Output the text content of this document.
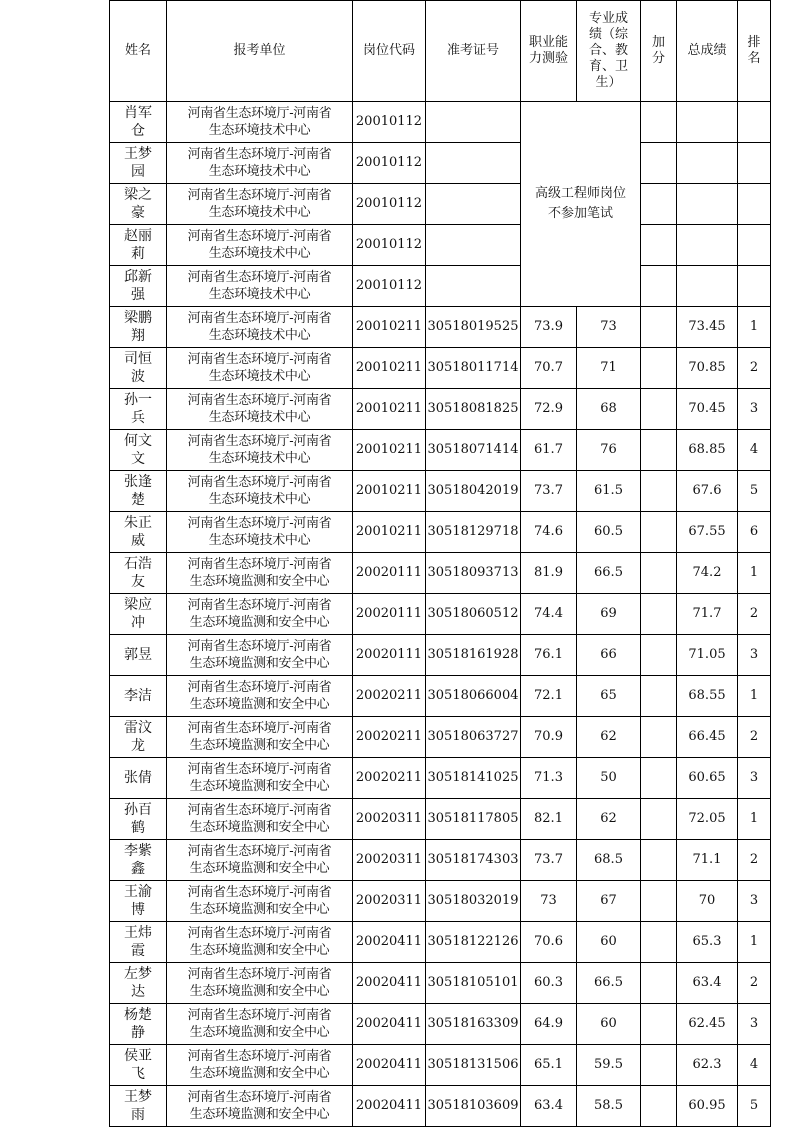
姓名	报考单位	岗位代码	准考证号	职业能
力测验	专业成
绩（综
合、教
育、卫
生）	加
分	总成绩	排
名
肖军
仓	河南省生态环境厅-河南省
生态环境技术中心	20010112		高级工程师岗位
不参加笔试				
王梦
园	河南省生态环境厅-河南省
生态环境技术中心	20010112						
梁之
豪	河南省生态环境厅-河南省
生态环境技术中心	20010112						
赵丽
莉	河南省生态环境厅-河南省
生态环境技术中心	20010112						
邱新
强	河南省生态环境厅-河南省
生态环境技术中心	20010112						
梁鹏
翔	河南省生态环境厅-河南省
生态环境技术中心	20010211	30518019525	73.9	73		73.45	1
司恒
波	河南省生态环境厅-河南省
生态环境技术中心	20010211	30518011714	70.7	71		70.85	2
孙一
兵	河南省生态环境厅-河南省
生态环境技术中心	20010211	30518081825	72.9	68		70.45	3
何文
文	河南省生态环境厅-河南省
生态环境技术中心	20010211	30518071414	61.7	76		68.85	4
张逢
楚	河南省生态环境厅-河南省
生态环境技术中心	20010211	30518042019	73.7	61.5		67.6	5
朱正
威	河南省生态环境厅-河南省
生态环境技术中心	20010211	30518129718	74.6	60.5		67.55	6
石浩
友	河南省生态环境厅-河南省
生态环境监测和安全中心	20020111	30518093713	81.9	66.5		74.2	1
梁应
冲	河南省生态环境厅-河南省
生态环境监测和安全中心	20020111	30518060512	74.4	69		71.7	2
郭昱	河南省生态环境厅-河南省
生态环境监测和安全中心	20020111	30518161928	76.1	66		71.05	3
李洁	河南省生态环境厅-河南省
生态环境监测和安全中心	20020211	30518066004	72.1	65		68.55	1
雷汶
龙	河南省生态环境厅-河南省
生态环境监测和安全中心	20020211	30518063727	70.9	62		66.45	2
张倩	河南省生态环境厅-河南省
生态环境监测和安全中心	20020211	30518141025	71.3	50		60.65	3
孙百
鹤	河南省生态环境厅-河南省
生态环境监测和安全中心	20020311	30518117805	82.1	62		72.05	1
李紫
鑫	河南省生态环境厅-河南省
生态环境监测和安全中心	20020311	30518174303	73.7	68.5		71.1	2
王渝
博	河南省生态环境厅-河南省
生态环境监测和安全中心	20020311	30518032019	73	67		70	3
王炜
霞	河南省生态环境厅-河南省
生态环境监测和安全中心	20020411	30518122126	70.6	60		65.3	1
左梦
达	河南省生态环境厅-河南省
生态环境监测和安全中心	20020411	30518105101	60.3	66.5		63.4	2
杨楚
静	河南省生态环境厅-河南省
生态环境监测和安全中心	20020411	30518163309	64.9	60		62.45	3
侯亚
飞	河南省生态环境厅-河南省
生态环境监测和安全中心	20020411	30518131506	65.1	59.5		62.3	4
王梦
雨	河南省生态环境厅-河南省
生态环境监测和安全中心	20020411	30518103609	63.4	58.5		60.95	5
